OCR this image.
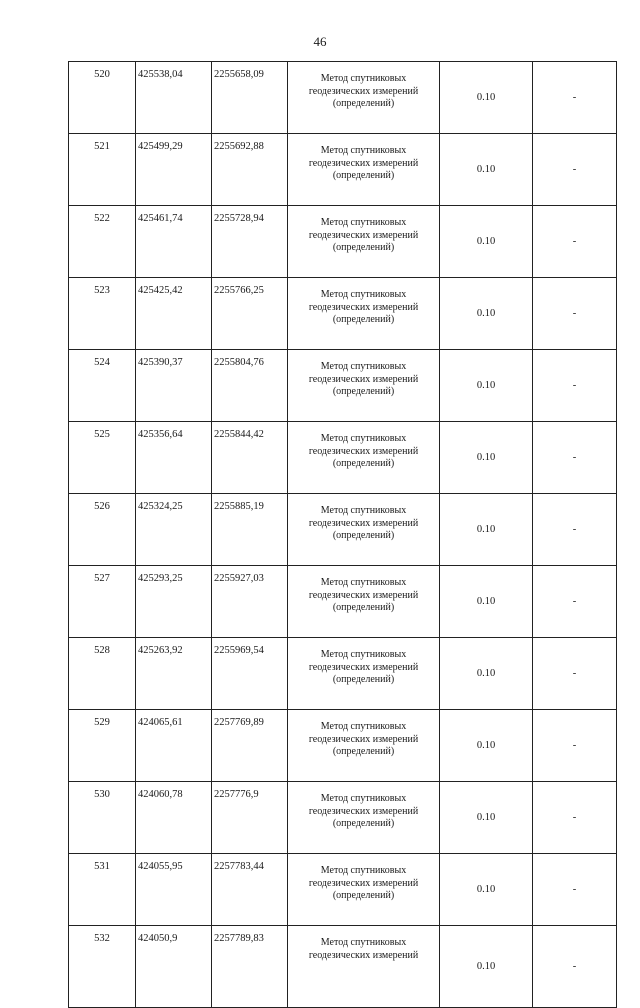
46
520	425538,04	2255658,09	Метод спутниковых
геодезических измерений
(определений)	0.10	-
521	425499,29	2255692,88	Метод спутниковых
геодезических измерений
(определений)	0.10	-
522	425461,74	2255728,94	Метод спутниковых
геодезических измерений
(определений)	0.10	-
523	425425,42	2255766,25	Метод спутниковых
геодезических измерений
(определений)	0.10	-
524	425390,37	2255804,76	Метод спутниковых
геодезических измерений
(определений)	0.10	-
525	425356,64	2255844,42	Метод спутниковых
геодезических измерений
(определений)	0.10	-
526	425324,25	2255885,19	Метод спутниковых
геодезических измерений
(определений)	0.10	-
527	425293,25	2255927,03	Метод спутниковых
геодезических измерений
(определений)	0.10	-
528	425263,92	2255969,54	Метод спутниковых
геодезических измерений
(определений)	0.10	-
529	424065,61	2257769,89	Метод спутниковых
геодезических измерений
(определений)	0.10	-
530	424060,78	2257776,9	Метод спутниковых
геодезических измерений
(определений)	0.10	-
531	424055,95	2257783,44	Метод спутниковых
геодезических измерений
(определений)	0.10	-
532	424050,9	2257789,83	Метод спутниковых
геодезических измерений	0.10	-
